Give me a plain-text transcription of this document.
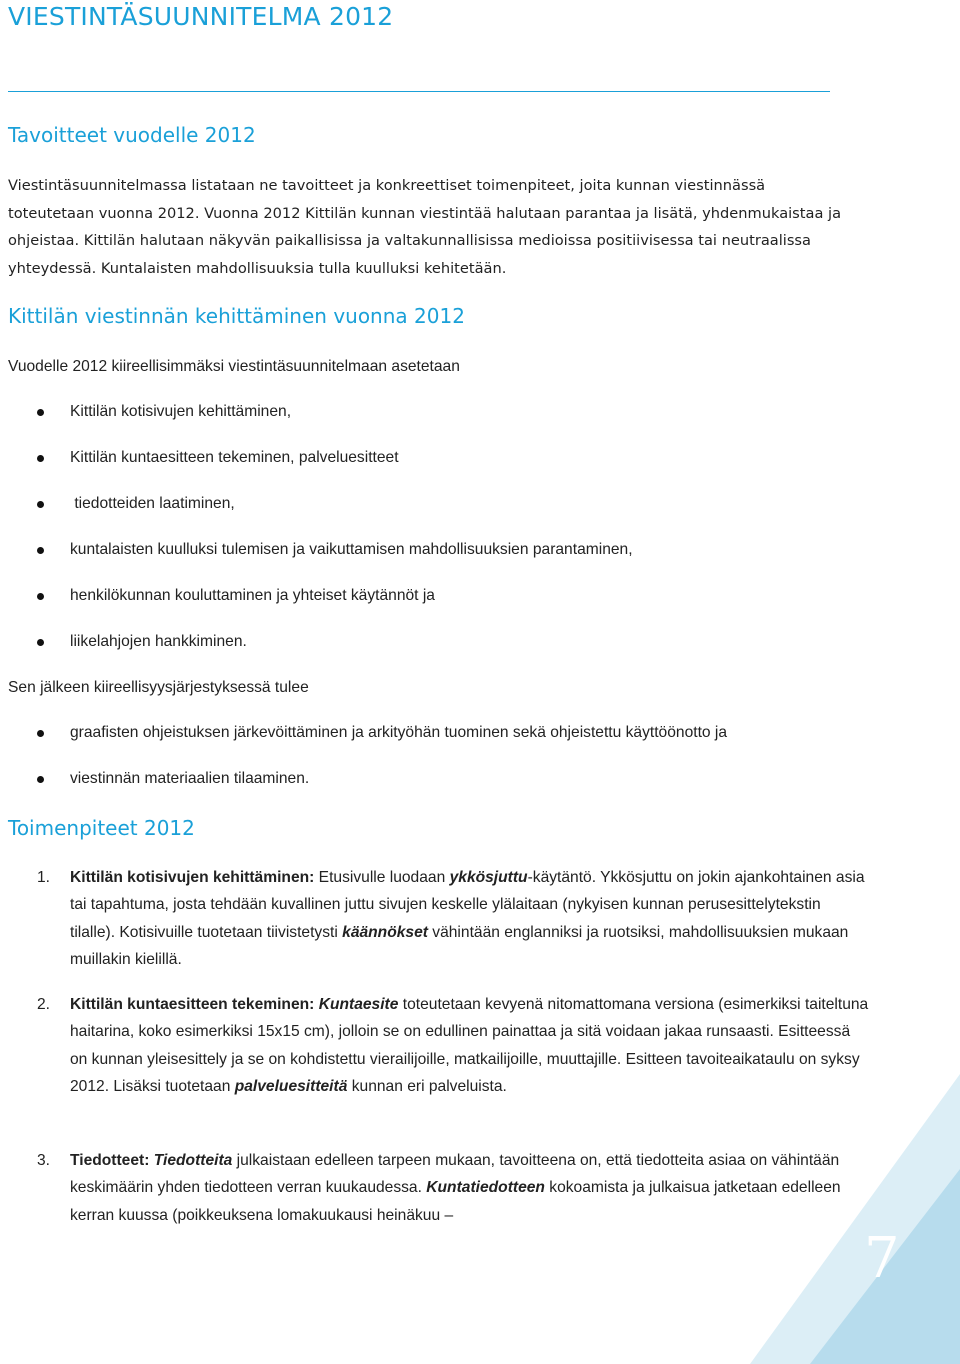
VIESTINTÄSUUNNITELMA 2012
Tavoitteet vuodelle 2012

Viestintäsuunnitelmassa listataan ne tavoitteet ja konkreettiset toimenpiteet, joita kunnan viestinnässä toteutetaan vuonna 2012. Vuonna 2012 Kittilän kunnan viestintää halutaan parantaa ja lisätä, yhdenmukaistaa ja ohjeistaa. Kittilän halutaan näkyvän paikallisissa ja valtakunnallisissa medioissa positiivisessa tai neutraalissa yhteydessä. Kuntalaisten mahdollisuuksia tulla kuulluksi kehitetään.

Kittilän viestinnän kehittäminen vuonna 2012

Vuodelle 2012 kiireellisimmäksi viestintäsuunnitelmaan asetetaan

Kittilän kotisivujen kehittäminen,
Kittilän kuntaesitteen tekeminen, palveluesitteet
tiedotteiden laatiminen,
kuntalaisten kuulluksi tulemisen ja vaikuttamisen mahdollisuuksien parantaminen,
henkilökunnan kouluttaminen ja yhteiset käytännöt ja
liikelahjojen hankkiminen.

Sen jälkeen kiireellisyysjärjestyksessä tulee

graafisten ohjeistuksen järkevöittäminen ja arkityöhän tuominen sekä ohjeistettu käyttöönotto ja
viestinnän materiaalien tilaaminen.
Toimenpiteet 2012
1. Kittilän kotisivujen kehittäminen: Etusivulle luodaan ykkösjuttu-käytäntö. Ykkösjuttu on jokin ajankohtainen asia tai tapahtuma, josta tehdään kuvallinen juttu sivujen keskelle ylälaitaan (nykyisen kunnan perusesittelytekstin tilalle). Kotisivuille tuotetaan tiivistetysti käännökset vähintään englanniksi ja ruotsiksi, mahdollisuuksien mukaan muillakin kielillä.
2. Kittilän kuntaesitteen tekeminen: Kuntaesite toteutetaan kevyenä nitomattomana versiona (esimerkiksi taiteltuna haitarina, koko esimerkiksi 15x15 cm), jolloin se on edullinen painattaa ja sitä voidaan jakaa runsaasti. Esitteessä on kunnan yleisesittely ja se on kohdistettu vierailijoille, matkailijoille, muuttajille. Esitteen tavoiteaikataulu on syksy 2012. Lisäksi tuotetaan palveluesitteitä kunnan eri palveluista.
3. Tiedotteet: Tiedotteita julkaistaan edelleen tarpeen mukaan, tavoitteena on, että tiedotteita asiaa on vähintään keskimäärin yhden tiedotteen verran kuukaudessa. Kuntatiedotteen kokoamista ja julkaisua jatketaan edelleen kerran kuussa (poikkeuksena lomakuukausi heinäkuu –
7
